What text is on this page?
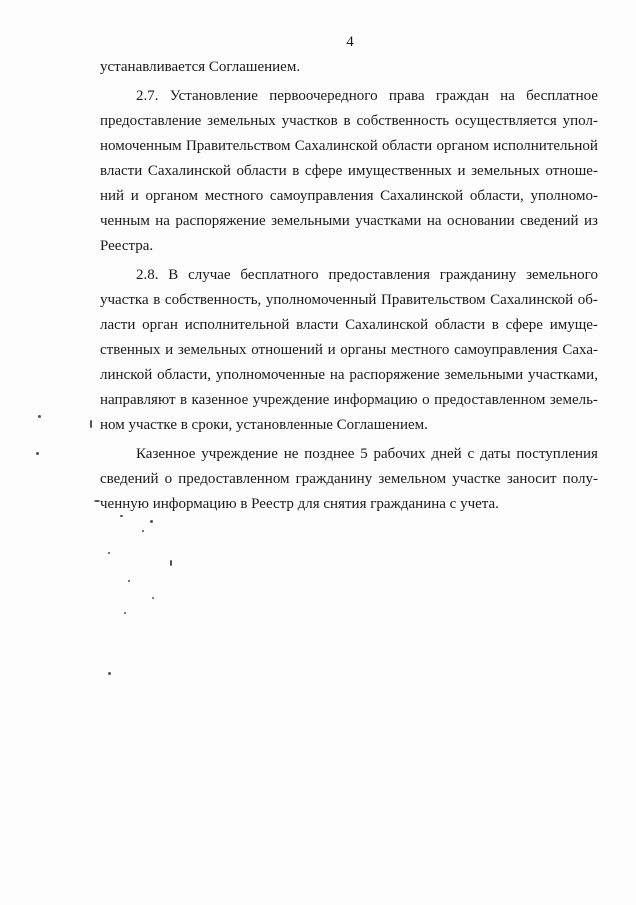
4
устанавливается Соглашением.
2.7. Установление первоочередного права граждан на бесплатное
предоставление земельных участков в собственность осуществляется упол-
номоченным Правительством Сахалинской области органом исполнительной
власти Сахалинской области в сфере имущественных и земельных отноше-
ний и органом местного самоуправления Сахалинской области, уполномо-
ченным на распоряжение земельными участками на основании сведений из
Реестра.
2.8. В случае бесплатного предоставления гражданину земельного
участка в собственность, уполномоченный Правительством Сахалинской об-
ласти орган исполнительной власти Сахалинской области в сфере имуще-
ственных и земельных отношений и органы местного самоуправления Саха-
линской области, уполномоченные на распоряжение земельными участками,
направляют в казенное учреждение информацию о предоставленном земель-
ном участке в сроки, установленные Соглашением.
Казенное учреждение не позднее 5 рабочих дней с даты поступления
сведений о предоставленном гражданину земельном участке заносит полу-
ченную информацию в Реестр для снятия гражданина с учета.
